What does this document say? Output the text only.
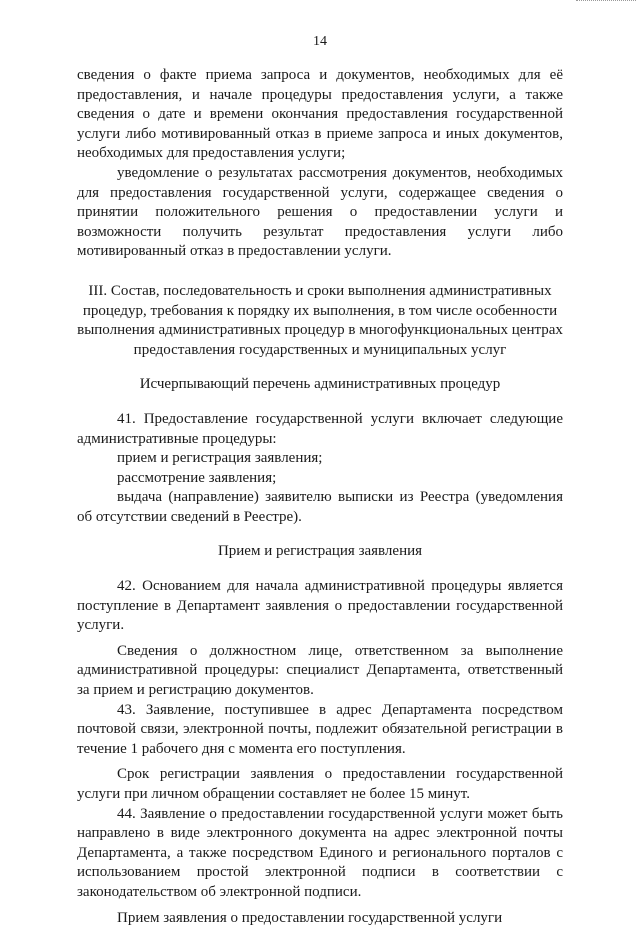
14

сведения о факте приема запроса и документов, необходимых для её предоставления, и начале процедуры предоставления услуги, а также сведения о дате и времени окончания предоставления государственной услуги либо мотивированный отказ в приеме запроса и иных документов, необходимых для предоставления услуги;

уведомление о результатах рассмотрения документов, необходимых для предоставления государственной услуги, содержащее сведения о принятии положительного решения о предоставлении услуги и возможности получить результат предоставления услуги либо мотивированный отказ в предоставлении услуги.

III. Состав, последовательность и сроки выполнения административных процедур, требования к порядку их выполнения, в том числе особенности выполнения административных процедур в многофункциональных центрах предоставления государственных и муниципальных услуг

Исчерпывающий перечень административных процедур

41. Предоставление государственной услуги включает следующие административные процедуры:

прием и регистрация заявления;

рассмотрение заявления;

выдача (направление) заявителю выписки из Реестра (уведомления об отсутствии сведений в Реестре).

Прием и регистрация заявления

42. Основанием для начала административной процедуры является поступление в Департамент заявления о предоставлении государственной услуги.

Сведения о должностном лице, ответственном за выполнение административной процедуры: специалист Департамента, ответственный за прием и регистрацию документов.

43. Заявление, поступившее в адрес Департамента посредством почтовой связи, электронной почты, подлежит обязательной регистрации в течение 1 рабочего дня с момента его поступления.

Срок регистрации заявления о предоставлении государственной услуги при личном обращении составляет не более 15 минут.

44. Заявление о предоставлении государственной услуги может быть направлено в виде электронного документа на адрес электронной почты Департамента, а также посредством Единого и регионального порталов с использованием простой электронной подписи в соответствии с законодательством об электронной подписи.

Прием заявления о предоставлении государственной услуги
